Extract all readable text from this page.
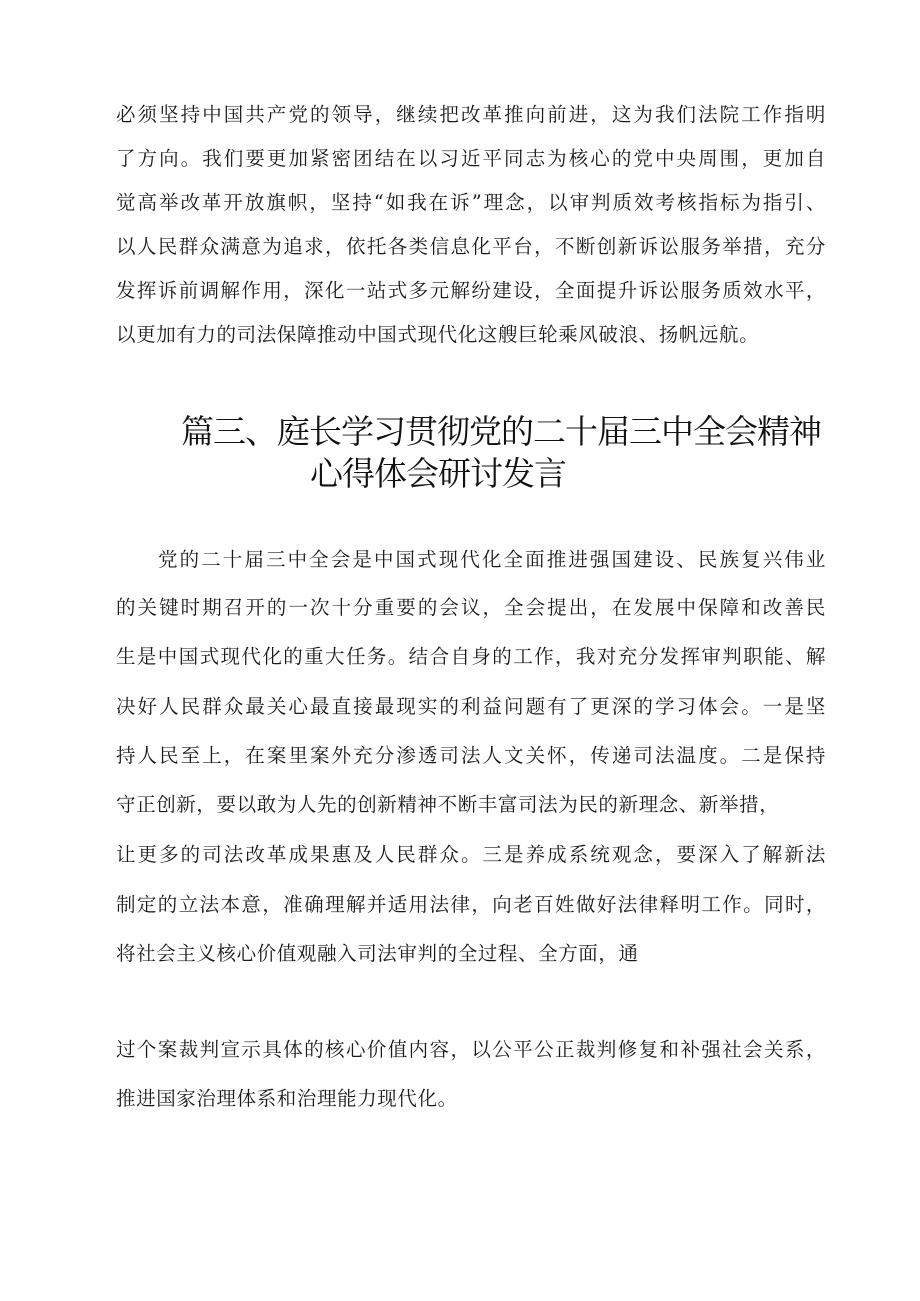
必须坚持中国共产党的领导，继续把改革推向前进，这为我们法院工作指明
了方向。我们要更加紧密团结在以习近平同志为核心的党中央周围，更加自
觉高举改革开放旗帜，坚持“如我在诉”理念，以审判质效考核指标为指引、
以人民群众满意为追求，依托各类信息化平台，不断创新诉讼服务举措，充分
发挥诉前调解作用，深化一站式多元解纷建设，全面提升诉讼服务质效水平，
以更加有力的司法保障推动中国式现代化这艘巨轮乘风破浪、扬帆远航。
篇三、庭长学习贯彻党的二十届三中全会精神
心得体会研讨发言
党的二十届三中全会是中国式现代化全面推进强国建设、民族复兴伟业
的关键时期召开的一次十分重要的会议，全会提出，在发展中保障和改善民
生是中国式现代化的重大任务。结合自身的工作，我对充分发挥审判职能、解
决好人民群众最关心最直接最现实的利益问题有了更深的学习体会。一是坚
持人民至上，在案里案外充分渗透司法人文关怀，传递司法温度。二是保持
守正创新，要以敢为人先的创新精神不断丰富司法为民的新理念、新举措，
让更多的司法改革成果惠及人民群众。三是养成系统观念，要深入了解新法
制定的立法本意，准确理解并适用法律，向老百姓做好法律释明工作。同时，
将社会主义核心价值观融入司法审判的全过程、全方面，通
过个案裁判宣示具体的核心价值内容，以公平公正裁判修复和补强社会关系，
推进国家治理体系和治理能力现代化。
